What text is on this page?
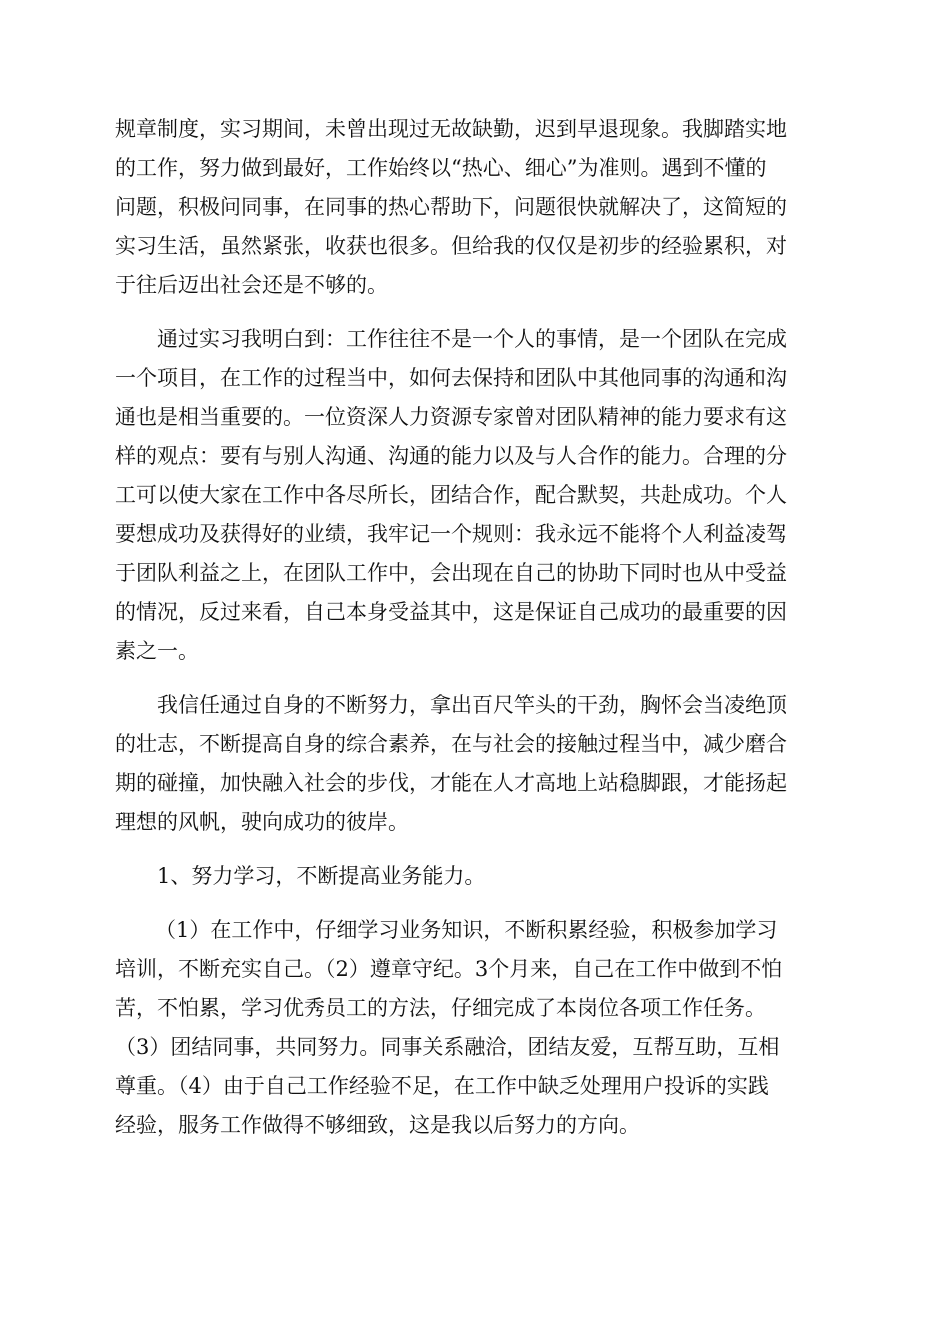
规章制度，实习期间，未曾出现过无故缺勤，迟到早退现象。我脚踏实地
的工作，努力做到最好，工作始终以“热心、细心”为准则。遇到不懂的
问题，积极问同事，在同事的热心帮助下，问题很快就解决了，这简短的
实习生活，虽然紧张，收获也很多。但给我的仅仅是初步的经验累积，对
于往后迈出社会还是不够的。

通过实习我明白到：工作往往不是一个人的事情，是一个团队在完成
一个项目，在工作的过程当中，如何去保持和团队中其他同事的沟通和沟
通也是相当重要的。一位资深人力资源专家曾对团队精神的能力要求有这
样的观点：要有与别人沟通、沟通的能力以及与人合作的能力。合理的分
工可以使大家在工作中各尽所长，团结合作，配合默契，共赴成功。个人
要想成功及获得好的业绩，我牢记一个规则：我永远不能将个人利益凌驾
于团队利益之上，在团队工作中，会出现在自己的协助下同时也从中受益
的情况，反过来看，自己本身受益其中，这是保证自己成功的最重要的因
素之一。

我信任通过自身的不断努力，拿出百尺竿头的干劲，胸怀会当凌绝顶
的壮志，不断提高自身的综合素养，在与社会的接触过程当中，减少磨合
期的碰撞，加快融入社会的步伐，才能在人才高地上站稳脚跟，才能扬起
理想的风帆，驶向成功的彼岸。

1、努力学习，不断提高业务能力。

（1）在工作中，仔细学习业务知识，不断积累经验，积极参加学习
培训，不断充实自己。（2）遵章守纪。3个月来，自己在工作中做到不怕
苦，不怕累，学习优秀员工的方法，仔细完成了本岗位各项工作任务。
（3）团结同事，共同努力。同事关系融洽，团结友爱，互帮互助，互相
尊重。（4）由于自己工作经验不足，在工作中缺乏处理用户投诉的实践
经验，服务工作做得不够细致，这是我以后努力的方向。
